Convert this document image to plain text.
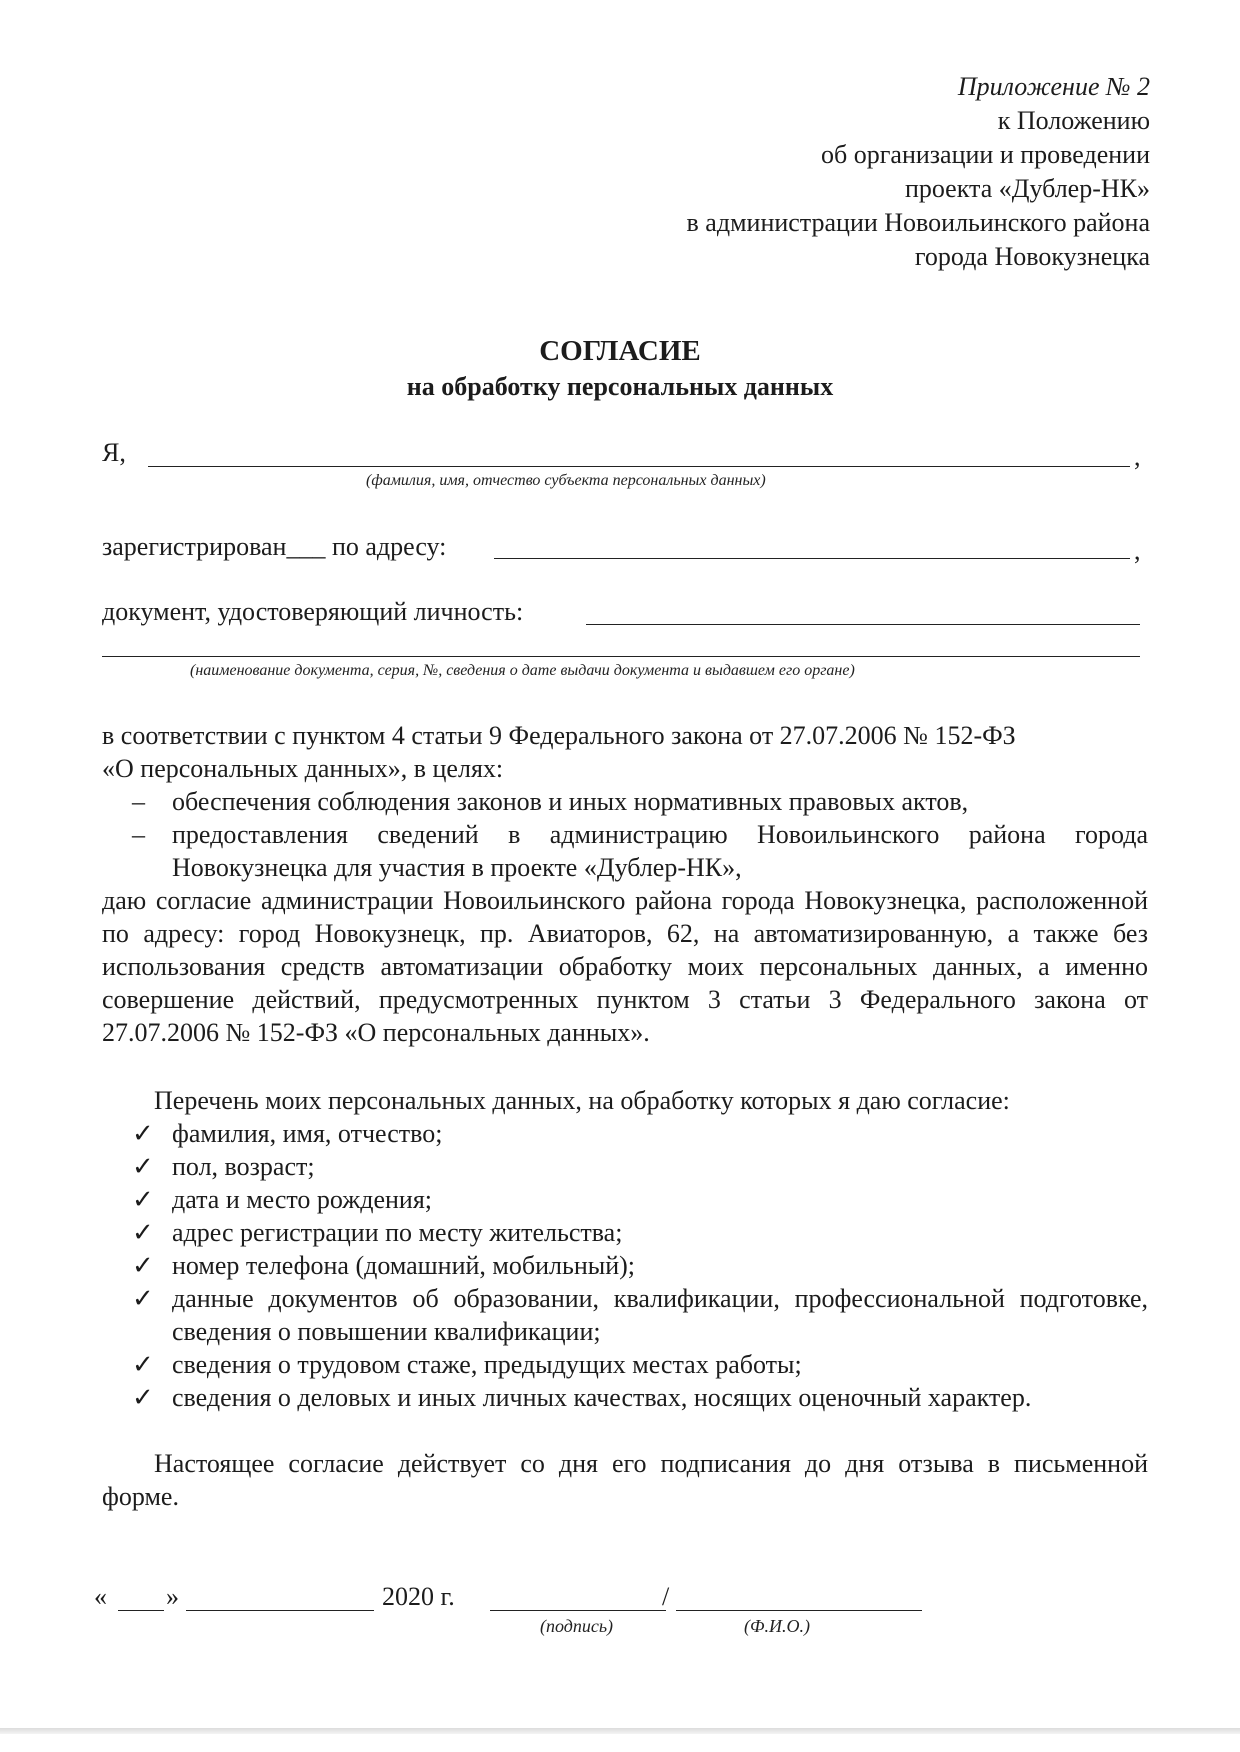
Приложение № 2
к Положению
об организации и проведении
проекта «Дублер-НК»
в администрации Новоильинского района
города Новокузнецка
СОГЛАСИЕ
на обработку персональных данных
Я,	,
(фамилия, имя, отчество субъекта персональных данных)
зарегистрирован___ по адресу:	,
документ, удостоверяющий личность:
(наименование документа, серия, №, сведения о дате выдачи документа и выдавшем его органе)
в соответствии с пунктом 4 статьи 9 Федерального закона от 27.07.2006 № 152-ФЗ
«О персональных данных», в целях:
–	обеспечения соблюдения законов и иных нормативных правовых актов,
–	предоставления сведений в администрацию Новоильинского района города Новокузнецка для участия в проекте «Дублер-НК»,
даю согласие администрации Новоильинского района города Новокузнецка, расположенной по адресу: город Новокузнецк, пр. Авиаторов, 62, на автоматизированную, а также без использования средств автоматизации обработку моих персональных данных, а именно совершение действий, предусмотренных пунктом 3 статьи 3 Федерального закона от 27.07.2006 № 152-ФЗ «О персональных данных».
Перечень моих персональных данных, на обработку которых я даю согласие:
✓ фамилия, имя, отчество;
✓ пол, возраст;
✓ дата и место рождения;
✓ адрес регистрации по месту жительства;
✓ номер телефона (домашний, мобильный);
✓ данные документов об образовании, квалификации, профессиональной подготовке, сведения о повышении квалификации;
✓ сведения о трудовом стаже, предыдущих местах работы;
✓ сведения о деловых и иных личных качествах, носящих оценочный характер.
Настоящее согласие действует со дня его подписания до дня отзыва в письменной форме.
« »	2020 г.	/
(подпись)	(Ф.И.О.)
